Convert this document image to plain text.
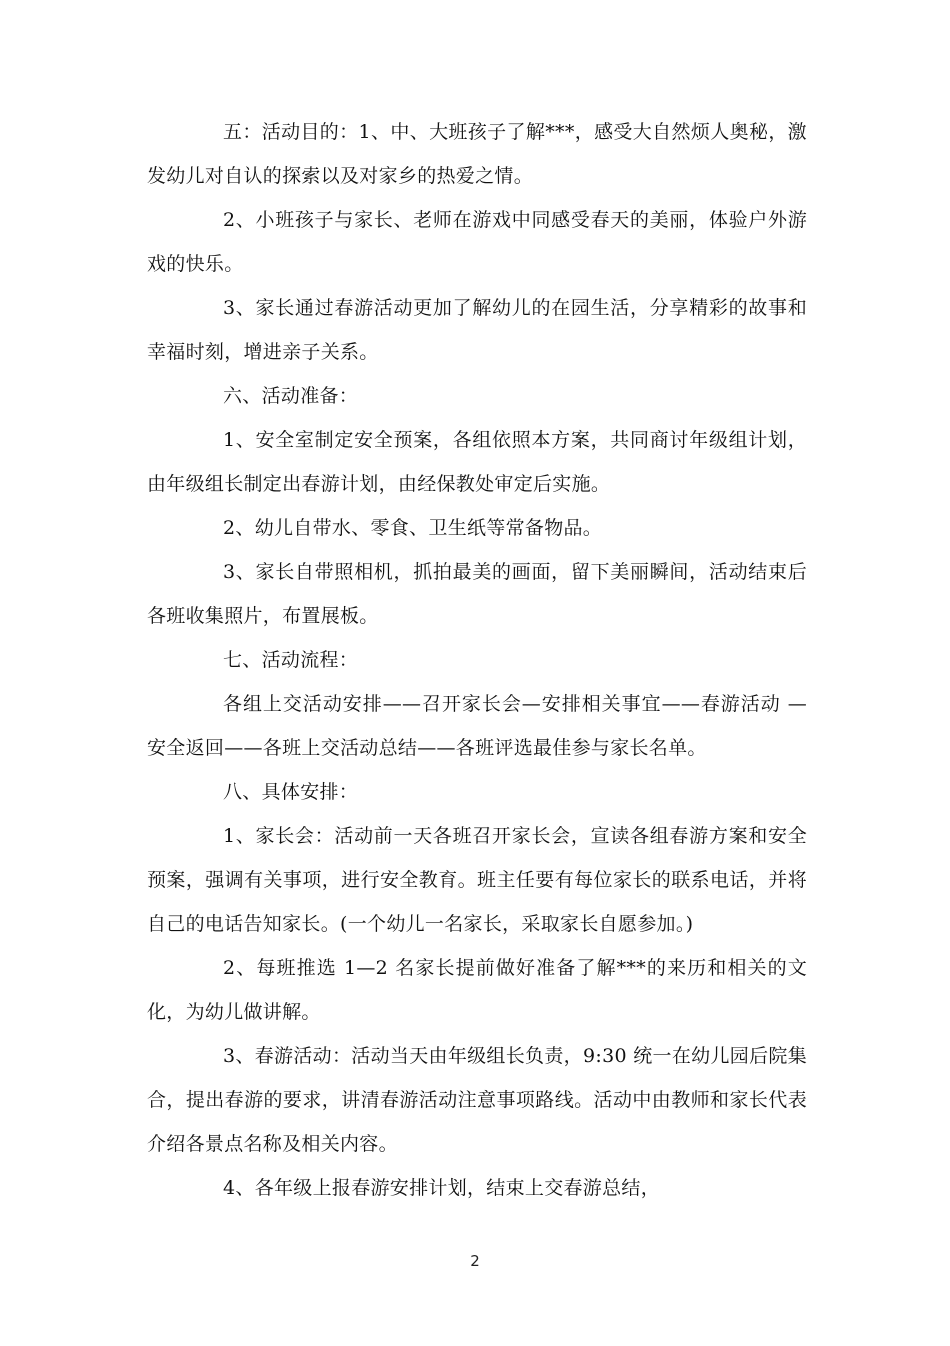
五：活动目的：1、中、大班孩子了解***，感受大自然烦人奥秘，激发幼儿对自认的探索以及对家乡的热爱之情。

2、小班孩子与家长、老师在游戏中同感受春天的美丽，体验户外游戏的快乐。

3、家长通过春游活动更加了解幼儿的在园生活，分享精彩的故事和幸福时刻，增进亲子关系。

六、活动准备：

1、安全室制定安全预案，各组依照本方案，共同商讨年级组计划，由年级组长制定出春游计划，由经保教处审定后实施。

2、幼儿自带水、零食、卫生纸等常备物品。

3、家长自带照相机，抓拍最美的画面，留下美丽瞬间，活动结束后各班收集照片，布置展板。

七、活动流程：

各组上交活动安排——召开家长会—安排相关事宜——春游活动 —安全返回——各班上交活动总结——各班评选最佳参与家长名单。

八、具体安排：

1、家长会：活动前一天各班召开家长会，宣读各组春游方案和安全预案，强调有关事项，进行安全教育。班主任要有每位家长的联系电话，并将自己的电话告知家长。(一个幼儿一名家长，采取家长自愿参加。)

2、每班推选 1—2 名家长提前做好准备了解***的来历和相关的文化，为幼儿做讲解。

3、春游活动：活动当天由年级组长负责，9:30 统一在幼儿园后院集合，提出春游的要求，讲清春游活动注意事项路线。活动中由教师和家长代表介绍各景点名称及相关内容。

4、各年级上报春游安排计划，结束上交春游总结，

2
